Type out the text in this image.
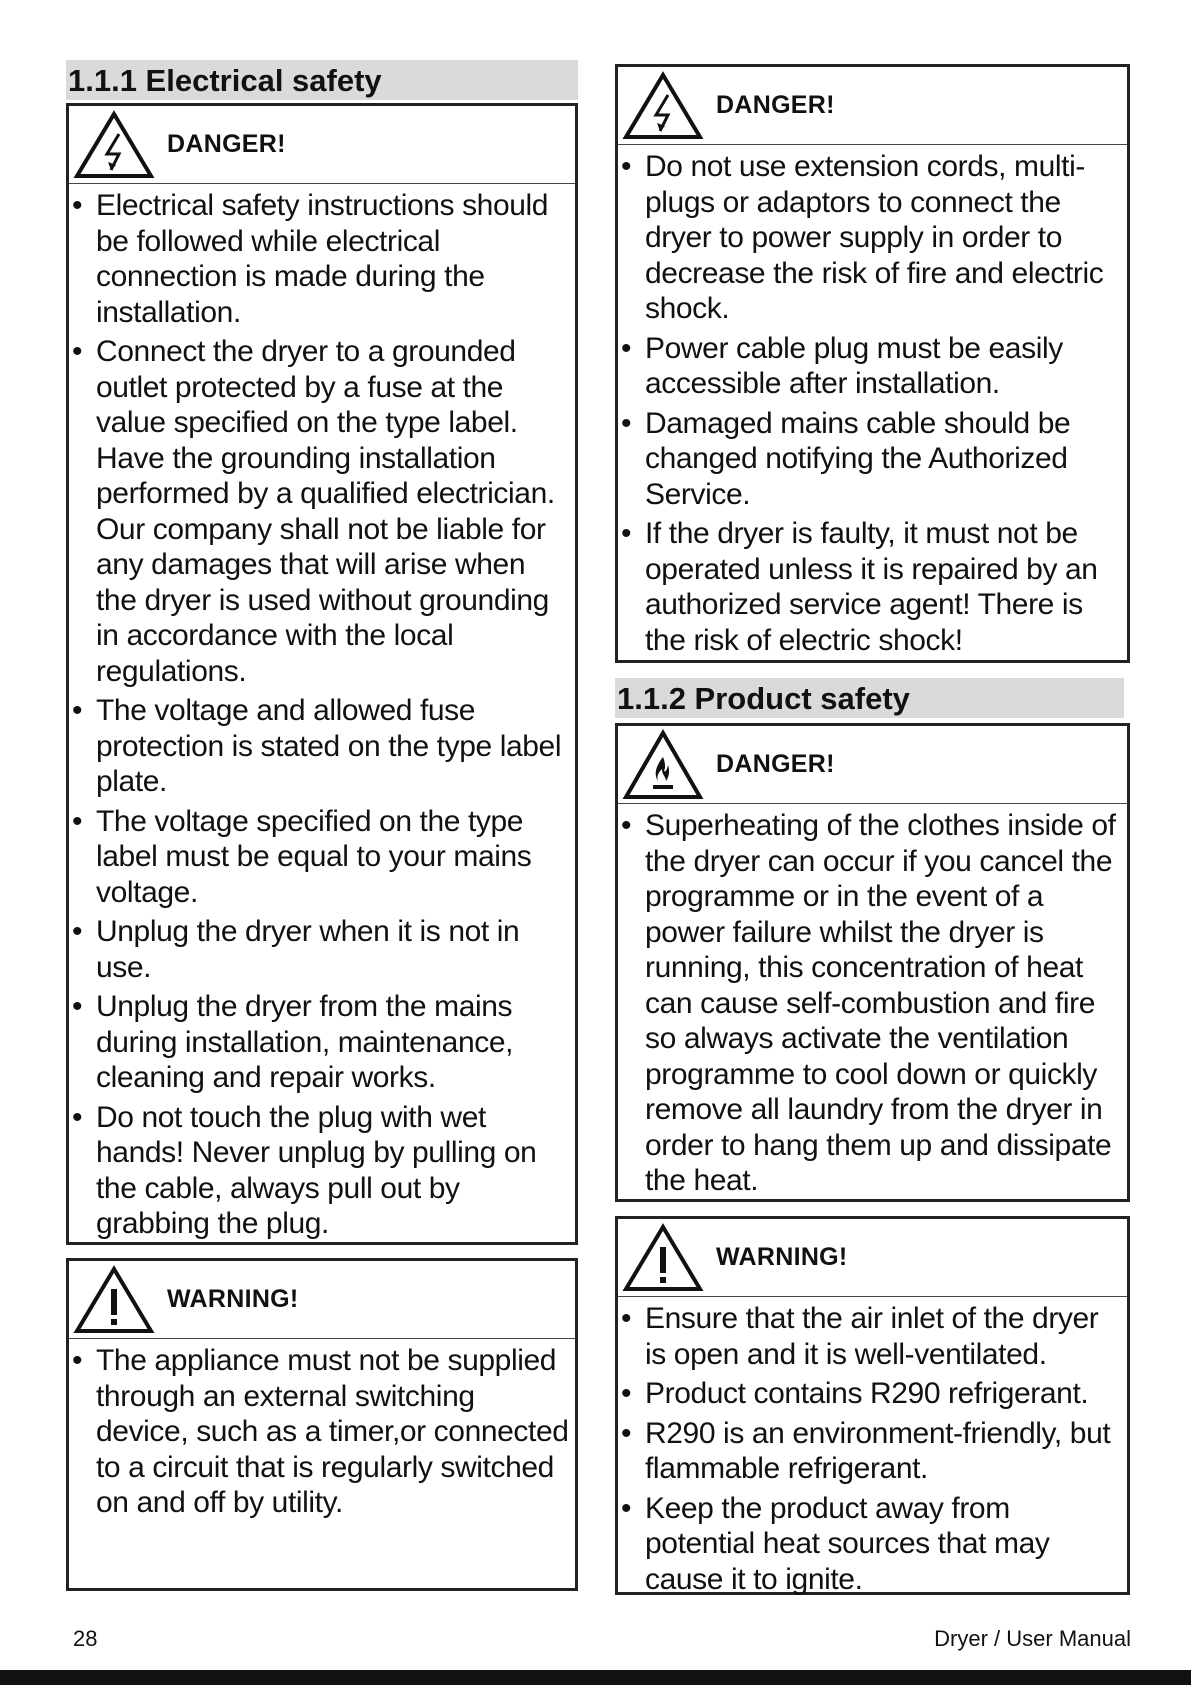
1.1.1 Electrical safety
DANGER!
• Electrical safety instructions should be followed while electrical connection is made during the installation.
• Connect the dryer to a grounded outlet protected by a fuse at the value specified on the type label. Have the grounding installation performed by a qualified electrician. Our company shall not be liable for any damages that will arise when the dryer is used without grounding in accordance with the local regulations.
• The voltage and allowed fuse protection is stated on the type label plate.
• The voltage specified on the type label must be equal to your mains voltage.
• Unplug the dryer when it is not in use.
• Unplug the dryer from the mains during installation, maintenance, cleaning and repair works.
• Do not touch the plug with wet hands! Never unplug by pulling on the cable, always pull out by grabbing the plug.
WARNING!
• The appliance must not be supplied through an external switching device, such as a timer,or connected to a circuit that is regularly switched on and off by utility.
DANGER!
• Do not use extension cords, multi-plugs or adaptors to connect the dryer to power supply in order to decrease the risk of fire and electric shock.
• Power cable plug must be easily accessible after installation.
• Damaged mains cable should be changed notifying the Authorized Service.
• If the dryer is faulty, it must not be operated unless it is repaired by an authorized service agent! There is the risk of electric shock!
1.1.2 Product safety
DANGER!
• Superheating of the clothes inside of the dryer can occur if you cancel the programme or in the event of a power failure whilst the dryer is running, this concentration of heat can cause self-combustion and fire so always activate the ventilation programme to cool down or quickly remove all laundry from the dryer in order to hang them up and dissipate the heat.
WARNING!
• Ensure that the air inlet of the dryer is open and it is well-ventilated.
• Product contains R290 refrigerant.
• R290 is an environment-friendly, but flammable refrigerant.
• Keep the product away from potential heat sources that may cause it to ignite.
28	Dryer / User Manual
